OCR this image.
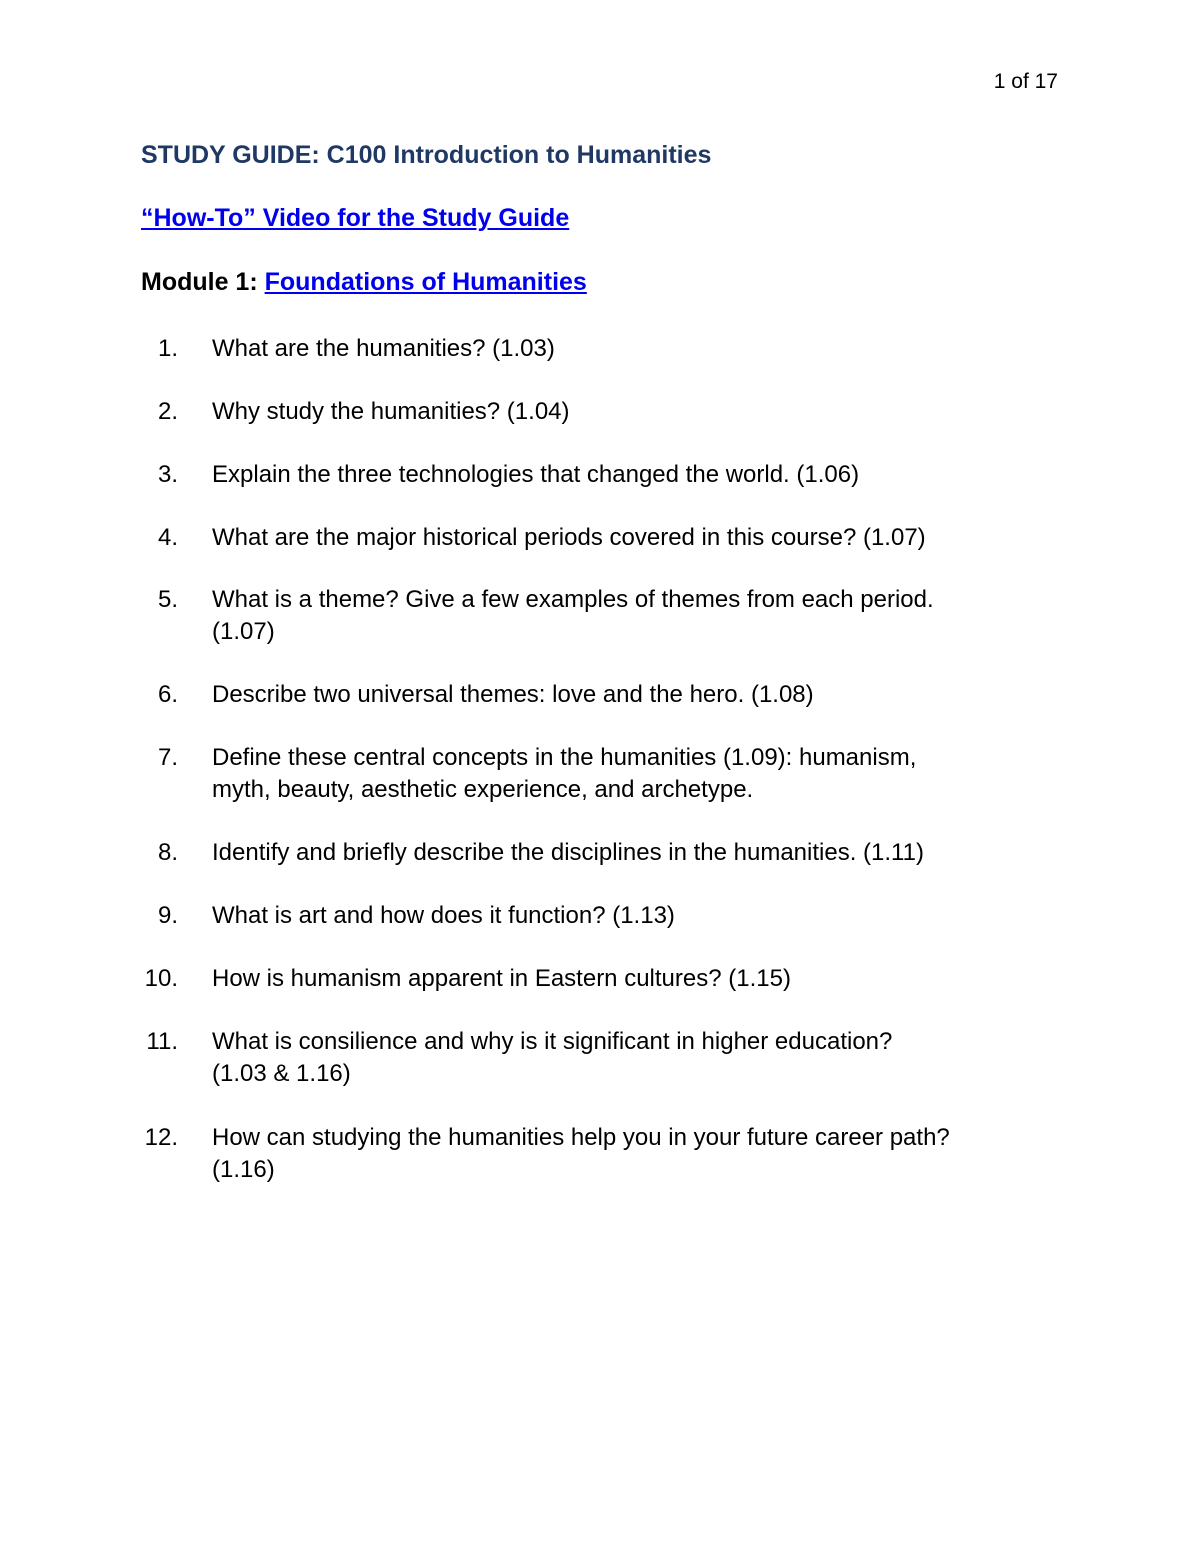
1 of 17
STUDY GUIDE: C100 Introduction to Humanities
“How-To” Video for the Study Guide
Module 1: Foundations of Humanities
1. What are the humanities? (1.03)
2. Why study the humanities? (1.04)
3. Explain the three technologies that changed the world. (1.06)
4. What are the major historical periods covered in this course? (1.07)
5. What is a theme? Give a few examples of themes from each period.
(1.07)
6. Describe two universal themes: love and the hero. (1.08)
7. Define these central concepts in the humanities (1.09): humanism,
myth, beauty, aesthetic experience, and archetype.
8. Identify and briefly describe the disciplines in the humanities. (1.11)
9. What is art and how does it function? (1.13)
10. How is humanism apparent in Eastern cultures? (1.15)
11. What is consilience and why is it significant in higher education?
(1.03 & 1.16)
12. How can studying the humanities help you in your future career path?
(1.16)
